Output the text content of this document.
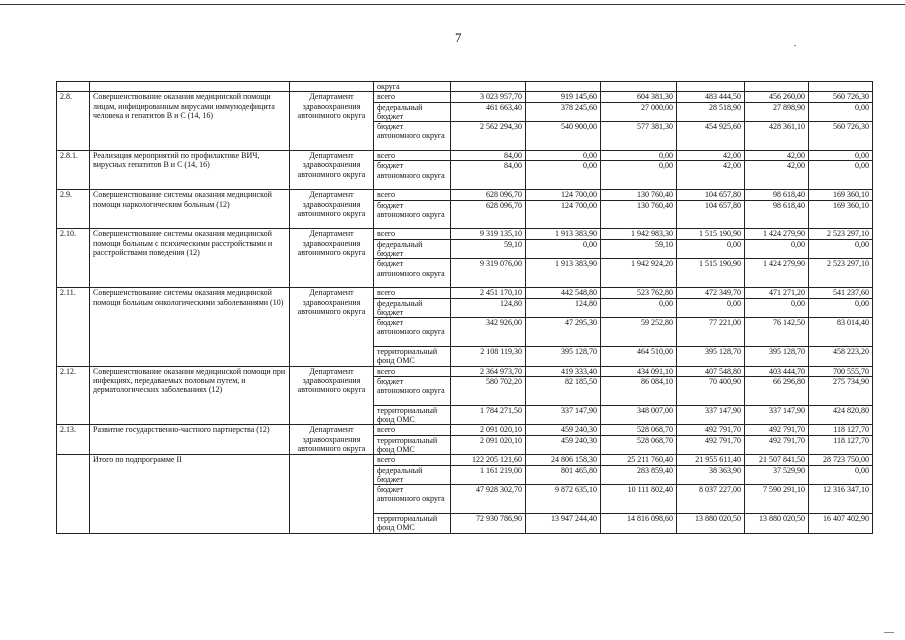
7
			округа						
2.8.	Совершенствование оказания медицинской помощи лицам, инфицированным вирусами иммунодефицита человека и гепатитов В и С (14, 16)	Департамент здравоохранения автономного округа	всего	3 023 957,70	919 145,60	604 381,30	483 444,50	456 260,00	560 726,30
			федеральный бюджет	461 663,40	378 245,60	27 000,00	28 518,90	27 898,90	0,00
			бюджет автономного округа	2 562 294,30	540 900,00	577 381,30	454 925,60	428 361,10	560 726,30
2.8.1.	Реализация мероприятий по профилактике ВИЧ, вирусных гепатитов В и С (14, 16)	Департамент здравоохранения автономного округа	всего	84,00	0,00	0,00	42,00	42,00	0,00
			бюджет автономного округа	84,00	0,00	0,00	42,00	42,00	0,00
2.9.	Совершенствование системы оказания медицинской помощи наркологическим больным (12)	Департамент здравоохранения автономного округа	всего	628 096,70	124 700,00	130 760,40	104 657,80	98 618,40	169 360,10
			бюджет автономного округа	628 096,70	124 700,00	130 760,40	104 657,80	98 618,40	169 360,10
2.10.	Совершенствование системы оказания медицинской помощи больным с психическими расстройствами и расстройствами поведения (12)	Департамент здравоохранения автономного округа	всего	9 319 135,10	1 913 383,90	1 942 983,30	1 515 190,90	1 424 279,90	2 523 297,10
			федеральный бюджет	59,10	0,00	59,10	0,00	0,00	0,00
			бюджет автономного округа	9 319 076,00	1 913 383,90	1 942 924,20	1 515 190,90	1 424 279,90	2 523 297,10
2.11.	Совершенствование системы оказания медицинской помощи больным онкологическими заболеваниями (10)	Департамент здравоохранения автономного округа	всего	2 451 170,10	442 548,80	523 762,80	472 349,70	471 271,20	541 237,60
			федеральный бюджет	124,80	124,80	0,00	0,00	0,00	0,00
			бюджет автономного округа	342 926,00	47 295,30	59 252,80	77 221,00	76 142,50	83 014,40
			территориальный фонд ОМС	2 108 119,30	395 128,70	464 510,00	395 128,70	395 128,70	458 223,20
2.12.	Совершенствование оказания медицинской помощи при инфекциях, передаваемых половым путем, и дерматологических заболеваниях (12)	Департамент здравоохранения автономного округа	всего	2 364 973,70	419 333,40	434 091,10	407 548,80	403 444,70	700 555,70
			бюджет автономного округа	580 702,20	82 185,50	86 084,10	70 400,90	66 296,80	275 734,90
			территориальный фонд ОМС	1 784 271,50	337 147,90	348 007,00	337 147,90	337 147,90	424 820,80
2.13.	Развитие государственно-частного партнерства (12)	Департамент здравоохранения автономного округа	всего	2 091 020,10	459 240,30	528 068,70	492 791,70	492 791,70	118 127,70
			территориальный фонд ОМС	2 091 020,10	459 240,30	528 068,70	492 791,70	492 791,70	118 127,70
	Итого по подпрограмме II		всего	122 205 121,60	24 806 158,30	25 211 760,40	21 955 611,40	21 507 841,50	28 723 750,00
			федеральный бюджет	1 161 219,00	801 465,80	283 859,40	38 363,90	37 529,90	0,00
			бюджет автономного округа	47 928 302,70	9 872 635,10	10 111 802,40	8 037 227,00	7 590 291,10	12 316 347,10
			территориальный фонд ОМС	72 930 786,90	13 947 244,40	14 816 098,60	13 880 020,50	13 880 020,50	16 407 402,90
